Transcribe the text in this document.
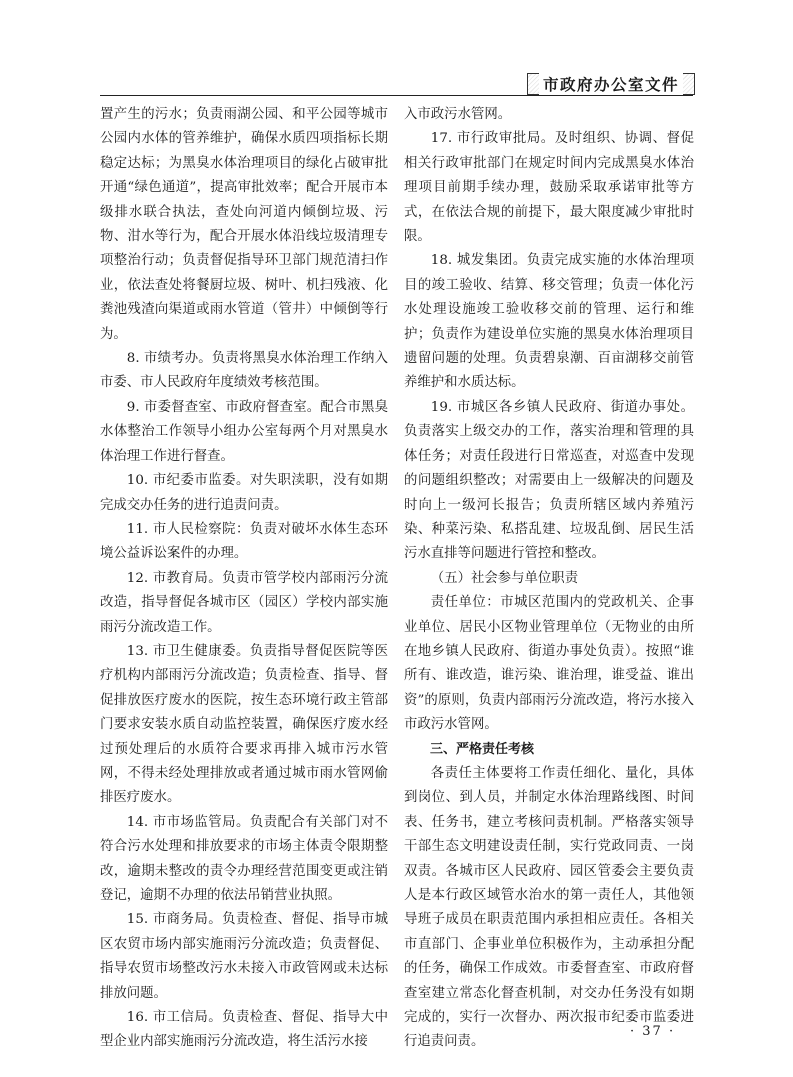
市政府办公室文件

置产生的污水；负责雨湖公园、和平公园等城市公园内水体的管养维护，确保水质四项指标长期稳定达标；为黑臭水体治理项目的绿化占破审批开通“绿色通道”，提高审批效率；配合开展市本级排水联合执法，查处向河道内倾倒垃圾、污物、泔水等行为，配合开展水体沿线垃圾清理专项整治行动；负责督促指导环卫部门规范清扫作业，依法查处将餐厨垃圾、树叶、机扫残液、化粪池残渣向渠道或雨水管道（管井）中倾倒等行为。

8. 市绩考办。负责将黑臭水体治理工作纳入市委、市人民政府年度绩效考核范围。

9. 市委督查室、市政府督查室。配合市黑臭水体整治工作领导小组办公室每两个月对黑臭水体治理工作进行督查。

10. 市纪委市监委。对失职渎职，没有如期完成交办任务的进行追责问责。

11. 市人民检察院：负责对破坏水体生态环境公益诉讼案件的办理。

12. 市教育局。负责市管学校内部雨污分流改造，指导督促各城市区（园区）学校内部实施雨污分流改造工作。

13. 市卫生健康委。负责指导督促医院等医疗机构内部雨污分流改造；负责检查、指导、督促排放医疗废水的医院，按生态环境行政主管部门要求安装水质自动监控装置，确保医疗废水经过预处理后的水质符合要求再排入城市污水管网，不得未经处理排放或者通过城市雨水管网偷排医疗废水。

14. 市市场监管局。负责配合有关部门对不符合污水处理和排放要求的市场主体责令限期整改，逾期未整改的责令办理经营范围变更或注销登记，逾期不办理的依法吊销营业执照。

15. 市商务局。负责检查、督促、指导市城区农贸市场内部实施雨污分流改造；负责督促、指导农贸市场整改污水未接入市政管网或未达标排放问题。

16. 市工信局。负责检查、督促、指导大中型企业内部实施雨污分流改造，将生活污水接

入市政污水管网。

17. 市行政审批局。及时组织、协调、督促相关行政审批部门在规定时间内完成黑臭水体治理项目前期手续办理，鼓励采取承诺审批等方式，在依法合规的前提下，最大限度减少审批时限。

18. 城发集团。负责完成实施的水体治理项目的竣工验收、结算、移交管理；负责一体化污水处理设施竣工验收移交前的管理、运行和维护；负责作为建设单位实施的黑臭水体治理项目遗留问题的处理。负责碧泉潮、百亩湖移交前管养维护和水质达标。

19. 市城区各乡镇人民政府、街道办事处。负责落实上级交办的工作，落实治理和管理的具体任务；对责任段进行日常巡查，对巡查中发现的问题组织整改；对需要由上一级解决的问题及时向上一级河长报告；负责所辖区域内养殖污染、种菜污染、私搭乱建、垃圾乱倒、居民生活污水直排等问题进行管控和整改。

（五）社会参与单位职责

责任单位：市城区范围内的党政机关、企事业单位、居民小区物业管理单位（无物业的由所在地乡镇人民政府、街道办事处负责）。按照“谁所有、谁改造，谁污染、谁治理，谁受益、谁出资”的原则，负责内部雨污分流改造，将污水接入市政污水管网。

三、严格责任考核

各责任主体要将工作责任细化、量化，具体到岗位、到人员，并制定水体治理路线图、时间表、任务书，建立考核问责机制。严格落实领导干部生态文明建设责任制，实行党政同责、一岗双责。各城市区人民政府、园区管委会主要负责人是本行政区域管水治水的第一责任人，其他领导班子成员在职责范围内承担相应责任。各相关市直部门、企事业单位积极作为，主动承担分配的任务，确保工作成效。市委督查室、市政府督查室建立常态化督查机制，对交办任务没有如期完成的，实行一次督办、两次报市纪委市监委进行追责问责。

· 37 ·
